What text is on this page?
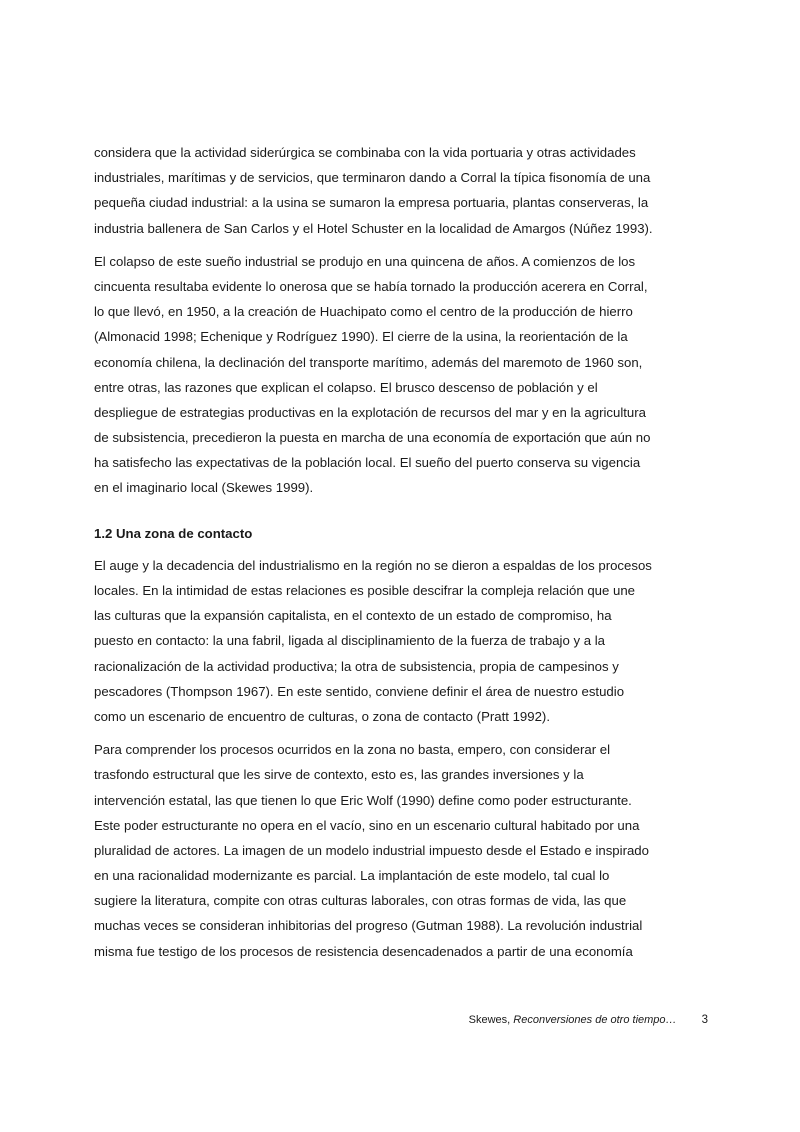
considera que la actividad siderúrgica se combinaba con la vida portuaria y otras actividades
industriales, marítimas y de servicios, que terminaron dando a Corral la típica fisonomía de una
pequeña ciudad industrial: a la usina se sumaron la empresa portuaria, plantas conserveras, la
industria ballenera de San Carlos y el Hotel Schuster en la localidad de Amargos (Núñez 1993).

El colapso de este sueño industrial se produjo en una quincena de años. A comienzos de los
cincuenta resultaba evidente lo onerosa que se había tornado la producción acerera en Corral,
lo que llevó, en 1950, a la creación de Huachipato como el centro de la producción de hierro
(Almonacid 1998; Echenique y Rodríguez 1990). El cierre de la usina, la reorientación de la
economía chilena, la declinación del transporte marítimo, además del maremoto de 1960 son,
entre otras, las razones que explican el colapso. El brusco descenso de población y el
despliegue de estrategias productivas en la explotación de recursos del mar y en la agricultura
de subsistencia, precedieron la puesta en marcha de una economía de exportación que aún no
ha satisfecho las expectativas de la población local. El sueño del puerto conserva su vigencia
en el imaginario local (Skewes 1999).

1.2 Una zona de contacto

El auge y la decadencia del industrialismo en la región no se dieron a espaldas de los procesos
locales. En la intimidad de estas relaciones es posible descifrar la compleja relación que une
las culturas que la expansión capitalista, en el contexto de un estado de compromiso, ha
puesto en contacto: la una fabril, ligada al disciplinamiento de la fuerza de trabajo y a la
racionalización de la actividad productiva; la otra de subsistencia, propia de campesinos y
pescadores (Thompson 1967). En este sentido, conviene definir el área de nuestro estudio
como un escenario de encuentro de culturas, o zona de contacto (Pratt 1992).

Para comprender los procesos ocurridos en la zona no basta, empero, con considerar el
trasfondo estructural que les sirve de contexto, esto es, las grandes inversiones y la
intervención estatal, las que tienen lo que Eric Wolf (1990) define como poder estructurante.
Este poder estructurante no opera en el vacío, sino en un escenario cultural habitado por una
pluralidad de actores. La imagen de un modelo industrial impuesto desde el Estado e inspirado
en una racionalidad modernizante es parcial. La implantación de este modelo, tal cual lo
sugiere la literatura, compite con otras culturas laborales, con otras formas de vida, las que
muchas veces se consideran inhibitorias del progreso (Gutman 1988). La revolución industrial
misma fue testigo de los procesos de resistencia desencadenados a partir de una economía

Skewes, Reconversiones de otro tiempo… 3
